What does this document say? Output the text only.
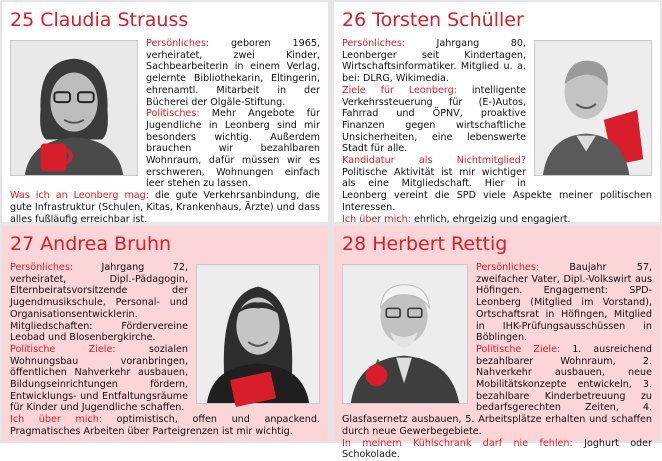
25 Claudia Strauss

Persönliches: geboren 1965, verheiratet, zwei Kinder, Sachbearbeiterin in einem Verlag, gelernte Bibliothekarin, Eltingerin, ehrenamtl. Mitarbeit in der Bücherei der Olgäle-Stiftung.
Politisches: Mehr Angebote für Jugendliche in Leonberg sind mir besonders wichtig. Außerdem brauchen wir bezahlbaren Wohnraum, dafür müssen wir es erschweren, Wohnungen einfach leer stehen zu lassen.
Was ich an Leonberg mag: die gute Verkehrsanbindung, die gute Infrastruktur (Schulen, Kitas, Krankenhaus, Ärzte) und dass alles fußläufig erreichbar ist.

26 Torsten Schüller

Persönliches: Jahrgang 80, Leonberger seit Kindertagen, Wirtschaftsinformatiker. Mitglied u. a. bei: DLRG, Wikimedia.
Ziele für Leonberg: intelligente Verkehrssteuerung für (E-)Autos, Fahrrad und ÖPNV, proaktive Finanzen gegen wirtschaftliche Unsicherheiten, eine lebenswerte Stadt für alle.
Kandidatur als Nichtmitglied? Politische Aktivität ist mir wichtiger als eine Mitgliedschaft. Hier in Leonberg vereint die SPD viele Aspekte meiner politischen Interessen.
Ich über mich: ehrlich, ehrgeizig und engagiert.

27 Andrea Bruhn

Persönliches: Jahrgang 72, verheiratet, Dipl.-Pädagogin, Elternbeiratsvorsitzende der Jugendmusikschule, Personal- und Organisationsentwicklerin. Mitgliedschaften: Fördervereine Leobad und Blosenbergkirche.
Politische Ziele: sozialen Wohnungsbau voranbringen, öffentlichen Nahverkehr ausbauen, Bildungseinrichtungen fördern, Entwicklungs- und Entfaltungsräume für Kinder und Jugendliche schaffen.
Ich über mich: optimistisch, offen und anpackend. Pragmatisches Arbeiten über Parteigrenzen ist mir wichtig.

28 Herbert Rettig

Persönliches: Baujahr 57, zweifacher Vater, Dipl.-Volkswirt aus Höfingen. Engagement: SPD-Leonberg (Mitglied im Vorstand), Ortschaftsrat in Höfingen, Mitglied in IHK-Prüfungsausschüssen in Böblingen.
Politische Ziele: 1. ausreichend bezahlbarer Wohnraum, 2. Nahverkehr ausbauen, neue Mobilitätskonzepte entwickeln, 3. bezahlbare Kinderbetreuung zu bedarfsgerechten Zeiten, 4. Glasfasernetz ausbauen, 5. Arbeitsplätze erhalten und schaffen durch neue Gewerbegebiete.
In meinem Kühlschrank darf nie fehlen: Joghurt oder Schokolade.
